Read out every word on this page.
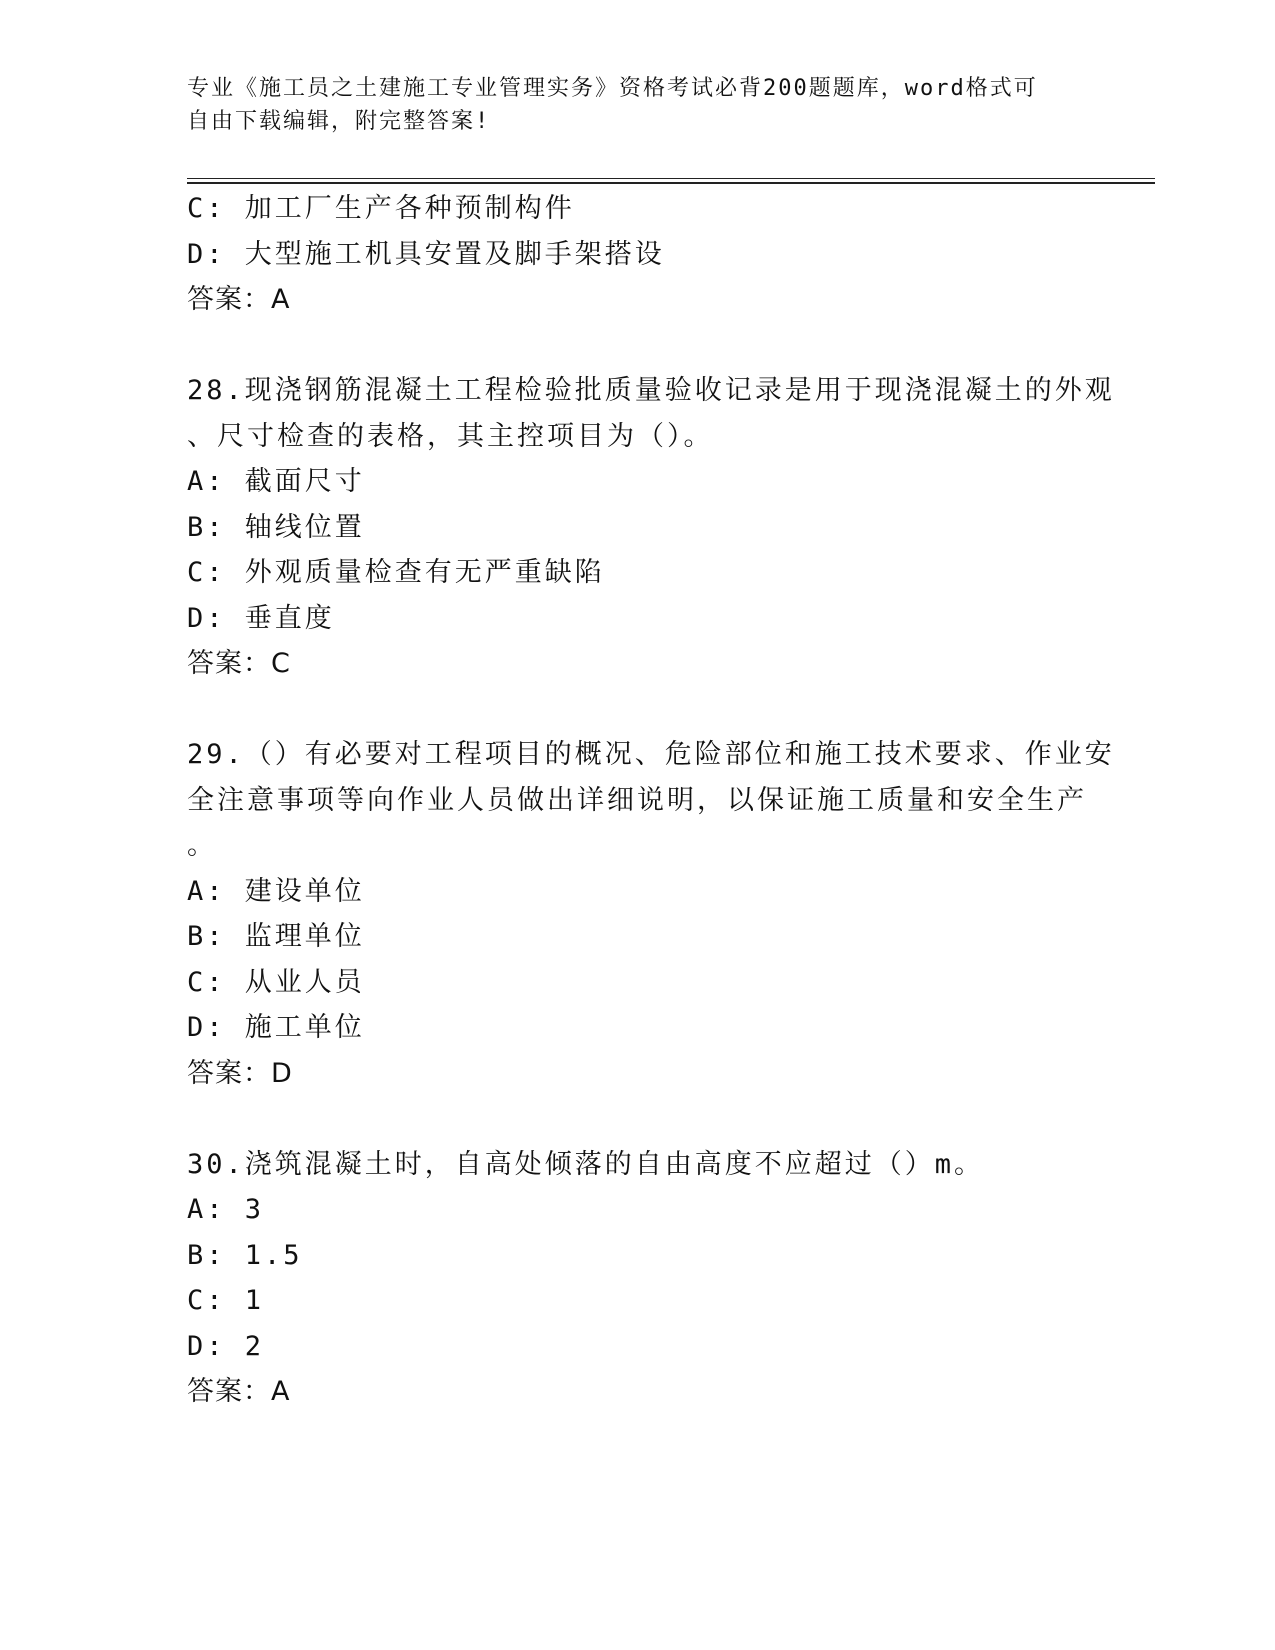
专业《施工员之土建施工专业管理实务》资格考试必背200题题库，word格式可
自由下载编辑，附完整答案!
C: 加工厂生产各种预制构件
D: 大型施工机具安置及脚手架搭设
答案：A
28.现浇钢筋混凝土工程检验批质量验收记录是用于现浇混凝土的外观
、尺寸检查的表格，其主控项目为（）。
A: 截面尺寸
B: 轴线位置
C: 外观质量检查有无严重缺陷
D: 垂直度
答案：C
29.（）有必要对工程项目的概况、危险部位和施工技术要求、作业安
全注意事项等向作业人员做出详细说明，以保证施工质量和安全生产
。
A: 建设单位
B: 监理单位
C: 从业人员
D: 施工单位
答案：D
30.浇筑混凝土时，自高处倾落的自由高度不应超过（）m。
A: 3
B: 1.5
C: 1
D: 2
答案：A
